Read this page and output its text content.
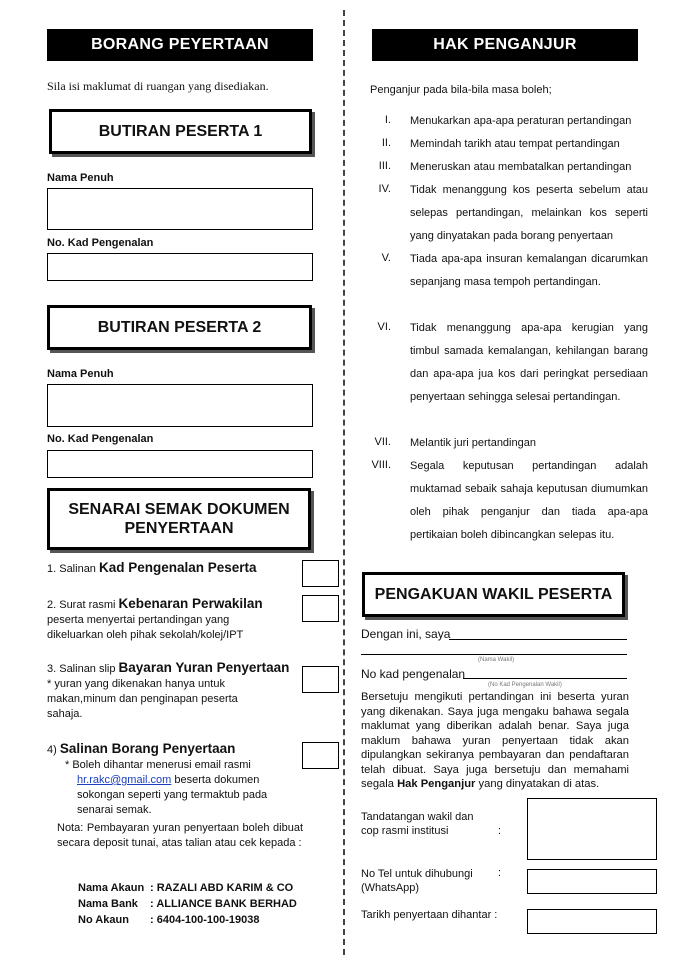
BORANG PEYERTAAN
Sila isi maklumat di ruangan yang disediakan.
BUTIRAN PESERTA 1
Nama Penuh
No. Kad Pengenalan
BUTIRAN PESERTA 2
Nama Penuh
No. Kad Pengenalan
SENARAI SEMAK DOKUMEN PENYERTAAN
1. Salinan Kad Pengenalan Peserta
2. Surat rasmi Kebenaran Perwakilan
peserta menyertai pertandingan yang dikeluarkan oleh pihak sekolah/kolej/IPT
3. Salinan slip Bayaran Yuran Penyertaan
* yuran yang dikenakan hanya untuk makan,minum dan penginapan peserta sahaja.
4) Salinan Borang Penyertaan
* Boleh dihantar menerusi email rasmi
hr.rakc@gmail.com beserta dokumen sokongan seperti yang termaktub pada senarai semak.
Nota: Pembayaran yuran penyertaan boleh dibuat secara deposit tunai, atas talian atau cek kepada :
Nama Akaun : RAZALI ABD KARIM & CO
Nama Bank : ALLIANCE BANK BERHAD
No Akaun : 6404-100-100-19038
HAK PENGANJUR
Penganjur pada bila-bila masa boleh;
I. Menukarkan apa-apa peraturan pertandingan
II. Memindah tarikh atau tempat pertandingan
III. Meneruskan atau membatalkan pertandingan
IV. Tidak menanggung kos peserta sebelum atau selepas pertandingan, melainkan kos seperti yang dinyatakan pada borang penyertaan
V. Tiada apa-apa insuran kemalangan dicarumkan sepanjang masa tempoh pertandingan.
VI. Tidak menanggung apa-apa kerugian yang timbul samada kemalangan, kehilangan barang dan apa-apa jua kos dari peringkat persediaan penyertaan sehingga selesai pertandingan.
VII. Melantik juri pertandingan
VIII. Segala keputusan pertandingan adalah muktamad sebaik sahaja keputusan diumumkan oleh pihak penganjur dan tiada apa-apa pertikaian boleh dibincangkan selepas itu.
PENGAKUAN WAKIL PESERTA
Dengan ini, saya
(Nama Wakil)
No kad pengenalan
(No Kad Pengenalan Wakil)
Bersetuju mengikuti pertandingan ini beserta yuran yang dikenakan. Saya juga mengaku bahawa segala maklumat yang diberikan adalah benar. Saya juga maklum bahawa yuran penyertaan tidak akan dipulangkan sekiranya pembayaran dan pendaftaran telah dibuat. Saya juga bersetuju dan memahami segala Hak Penganjur yang dinyatakan di atas.
Tandatangan wakil dan cop rasmi institusi	:
No Tel untuk dihubungi (WhatsApp)
:
Tarikh penyertaan dihantar :
